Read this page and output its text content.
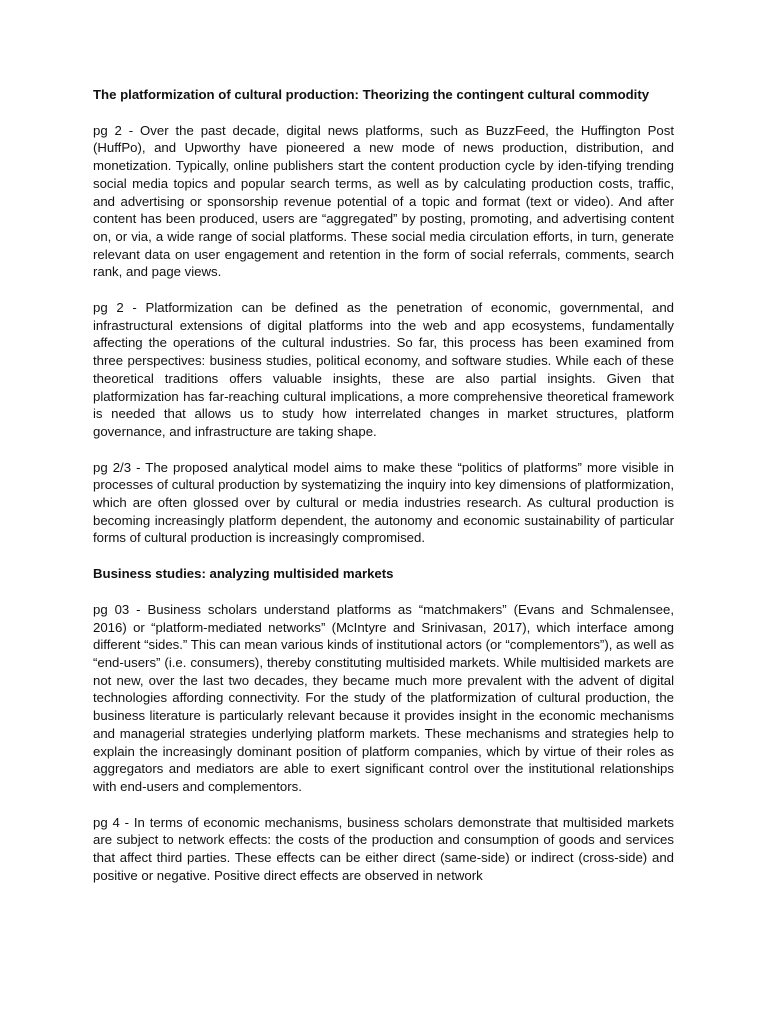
The platformization of cultural production: Theorizing the contingent cultural commodity

pg 2 - Over the past decade, digital news platforms, such as BuzzFeed, the Huffington Post (HuffPo), and Upworthy have pioneered a new mode of news production, distribution, and monetization. Typically, online publishers start the content production cycle by iden-tifying trending social media topics and popular search terms, as well as by calculating production costs, traffic, and advertising or sponsorship revenue potential of a topic and format (text or video). And after content has been produced, users are “aggregated” by posting, promoting, and advertising content on, or via, a wide range of social platforms. These social media circulation efforts, in turn, generate relevant data on user engagement and retention in the form of social referrals, comments, search rank, and page views.

pg 2 - Platformization can be defined as the penetration of economic, governmental, and infrastructural extensions of digital platforms into the web and app ecosystems, fundamentally affecting the operations of the cultural industries. So far, this process has been examined from three perspectives: business studies, political economy, and software studies. While each of these theoretical traditions offers valuable insights, these are also partial insights. Given that platformization has far-reaching cultural implications, a more comprehensive theoretical framework is needed that allows us to study how interrelated changes in market structures, platform governance, and infrastructure are taking shape.

pg 2/3 - The proposed analytical model aims to make these “politics of platforms” more visible in processes of cultural production by systematizing the inquiry into key dimensions of platformization, which are often glossed over by cultural or media industries research. As cultural production is becoming increasingly platform dependent, the autonomy and economic sustainability of particular forms of cultural production is increasingly compromised.

Business studies: analyzing multisided markets

pg 03 - Business scholars understand platforms as “matchmakers” (Evans and Schmalensee, 2016) or “platform-mediated networks” (McIntyre and Srinivasan, 2017), which interface among different “sides.” This can mean various kinds of institutional actors (or “complementors”), as well as “end-users” (i.e. consumers), thereby constituting multisided markets. While multisided markets are not new, over the last two decades, they became much more prevalent with the advent of digital technologies affording connectivity. For the study of the platformization of cultural production, the business literature is particularly relevant because it provides insight in the economic mechanisms and managerial strategies underlying platform markets. These mechanisms and strategies help to explain the increasingly dominant position of platform companies, which by virtue of their roles as aggregators and mediators are able to exert significant control over the institutional relationships with end-users and complementors.

pg 4 - In terms of economic mechanisms, business scholars demonstrate that multisided markets are subject to network effects: the costs of the production and consumption of goods and services that affect third parties. These effects can be either direct (same-side) or indirect (cross-side) and positive or negative. Positive direct effects are observed in network
